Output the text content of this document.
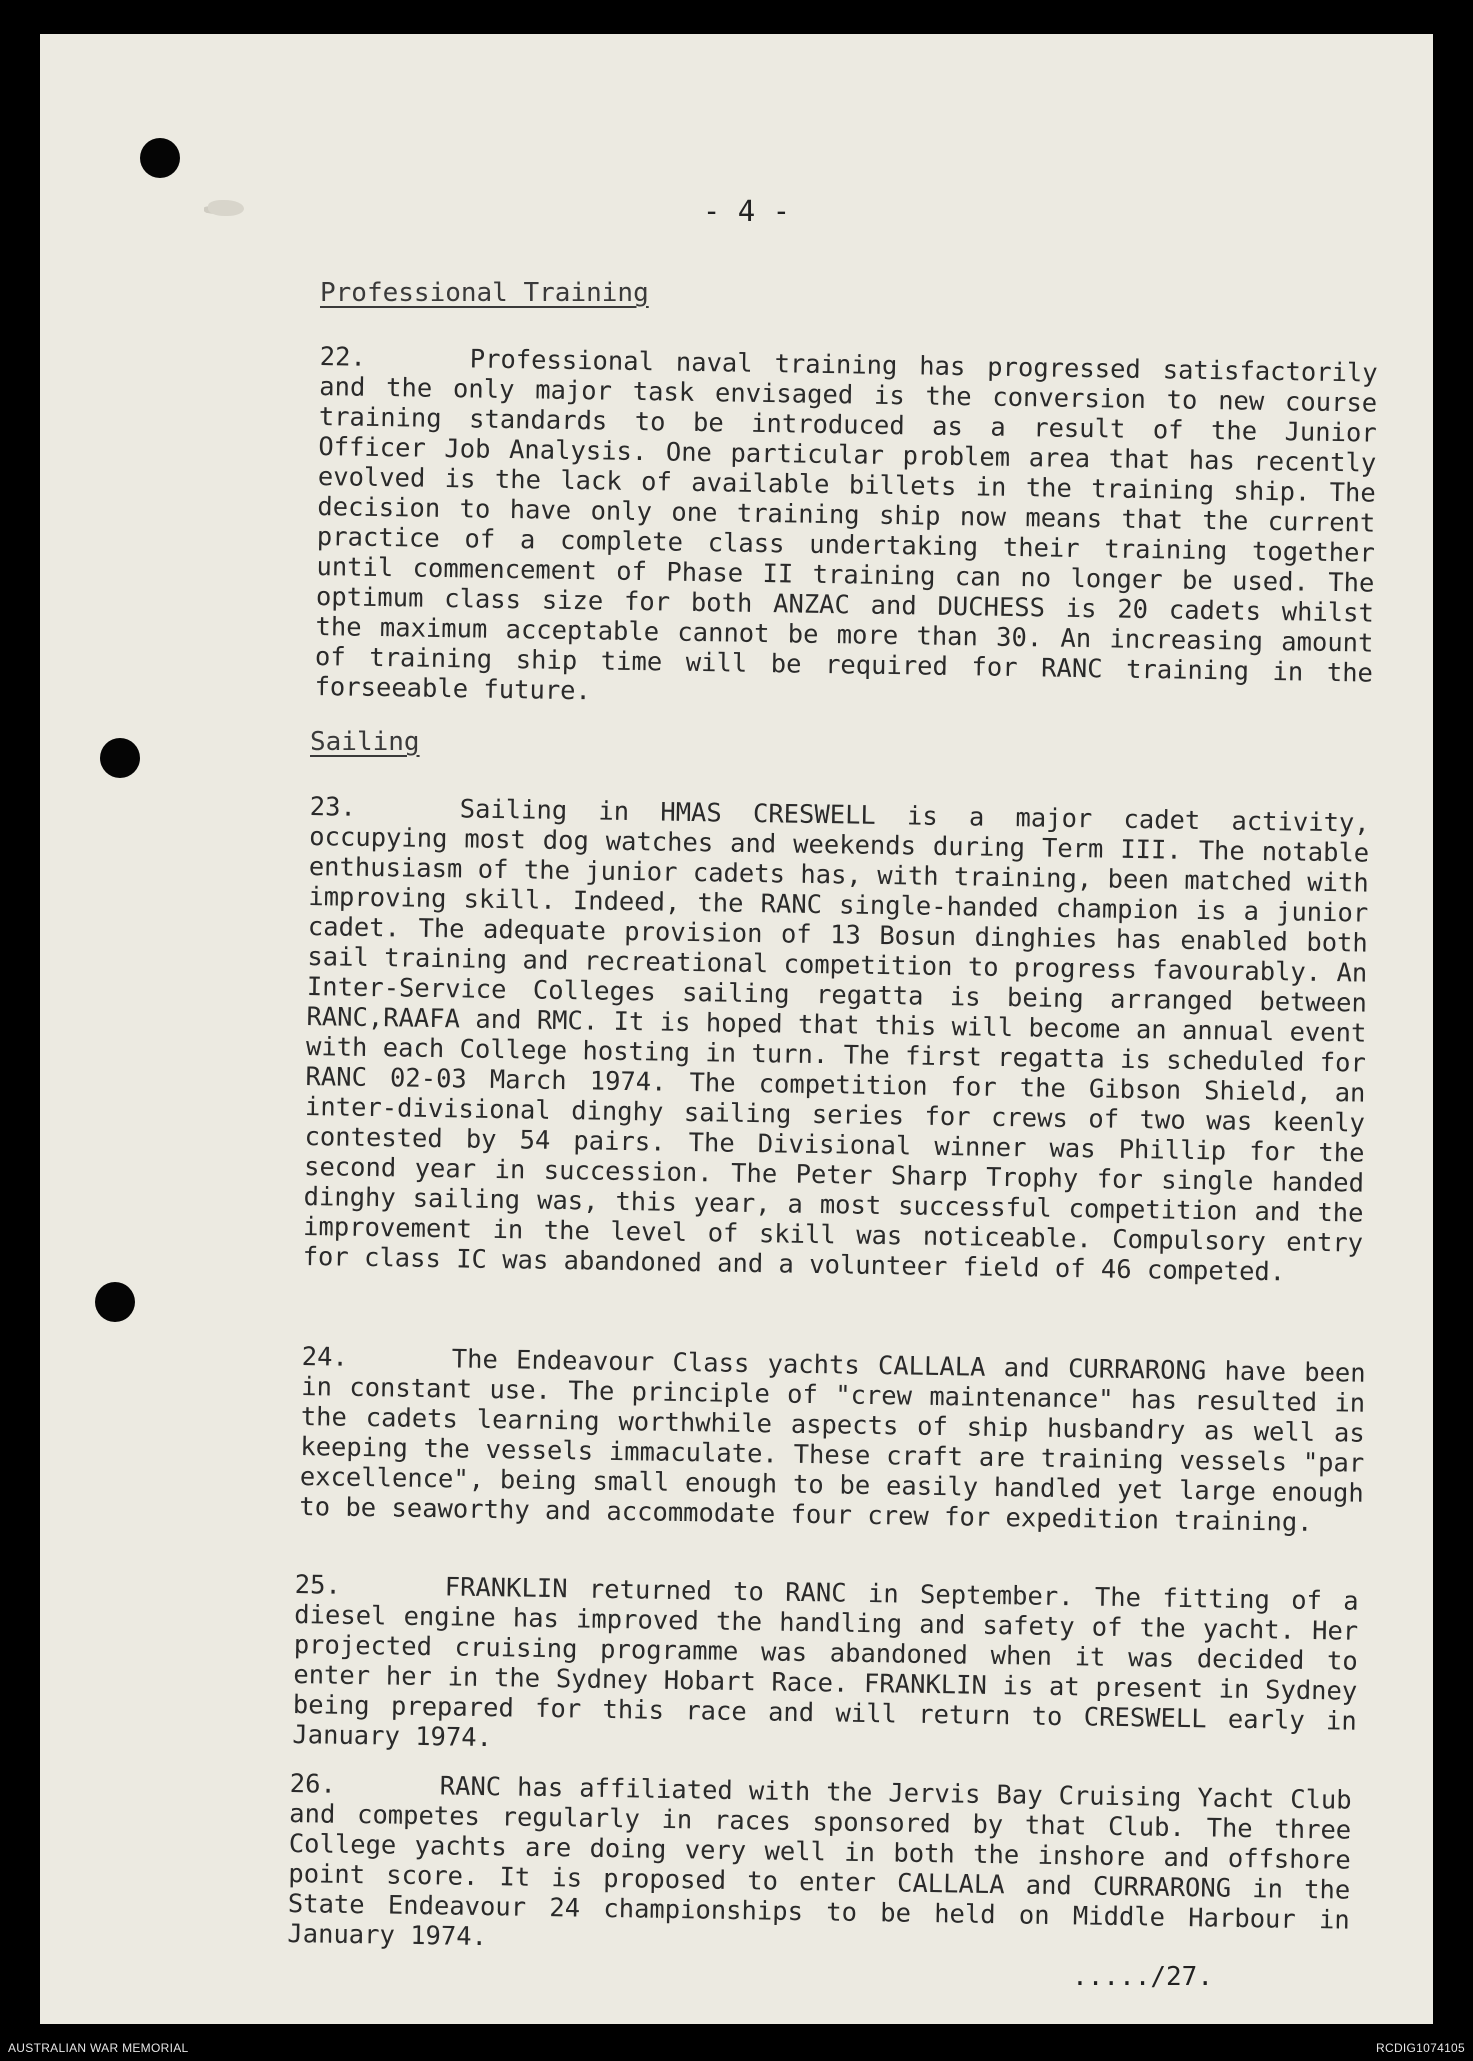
- 4 -
Professional Training
22.	Professional naval training has progressed satisfactorily and the only major task envisaged is the conversion to new course training standards to be introduced as a result of the Junior Officer Job Analysis. One particular problem area that has recently evolved is the lack of available billets in the training ship. The decision to have only one training ship now means that the current practice of a complete class undertaking their training together until commencement of Phase II training can no longer be used. The optimum class size for both ANZAC and DUCHESS is 20 cadets whilst the maximum acceptable cannot be more than 30. An increasing amount of training ship time will be required for RANC training in the forseeable future.
Sailing
23.	Sailing in HMAS CRESWELL is a major cadet activity, occupying most dog watches and weekends during Term III. The notable enthusiasm of the junior cadets has, with training, been matched with improving skill. Indeed, the RANC single-handed champion is a junior cadet. The adequate provision of 13 Bosun dinghies has enabled both sail training and recreational competition to progress favourably. An Inter-Service Colleges sailing regatta is being arranged between RANC,RAAFA and RMC. It is hoped that this will become an annual event with each College hosting in turn. The first regatta is scheduled for RANC 02-03 March 1974. The competition for the Gibson Shield, an inter-divisional dinghy sailing series for crews of two was keenly contested by 54 pairs. The Divisional winner was Phillip for the second year in succession. The Peter Sharp Trophy for single handed dinghy sailing was, this year, a most successful competition and the improvement in the level of skill was noticeable. Compulsory entry for class IC was abandoned and a volunteer field of 46 competed.
24.	The Endeavour Class yachts CALLALA and CURRARONG have been in constant use. The principle of "crew maintenance" has resulted in the cadets learning worthwhile aspects of ship husbandry as well as keeping the vessels immaculate. These craft are training vessels "par excellence", being small enough to be easily handled yet large enough to be seaworthy and accommodate four crew for expedition training.
25.	FRANKLIN returned to RANC in September. The fitting of a diesel engine has improved the handling and safety of the yacht. Her projected cruising programme was abandoned when it was decided to enter her in the Sydney Hobart Race. FRANKLIN is at present in Sydney being prepared for this race and will return to CRESWELL early in January 1974.
26.	RANC has affiliated with the Jervis Bay Cruising Yacht Club and competes regularly in races sponsored by that Club. The three College yachts are doing very well in both the inshore and offshore point score. It is proposed to enter CALLALA and CURRARONG in the State Endeavour 24 championships to be held on Middle Harbour in January 1974.
...../27.
AUSTRALIAN WAR MEMORIAL	RCDIG1074105
